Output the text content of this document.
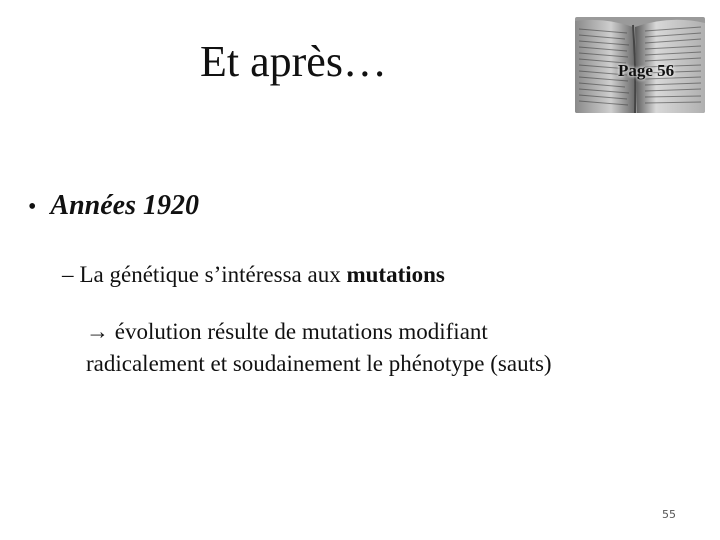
Et après…	Page 56
• Années 1920
– La génétique s’intéressa aux mutations
→ évolution résulte de mutations modifiant
radicalement et soudainement le phénotype (sauts)
55
